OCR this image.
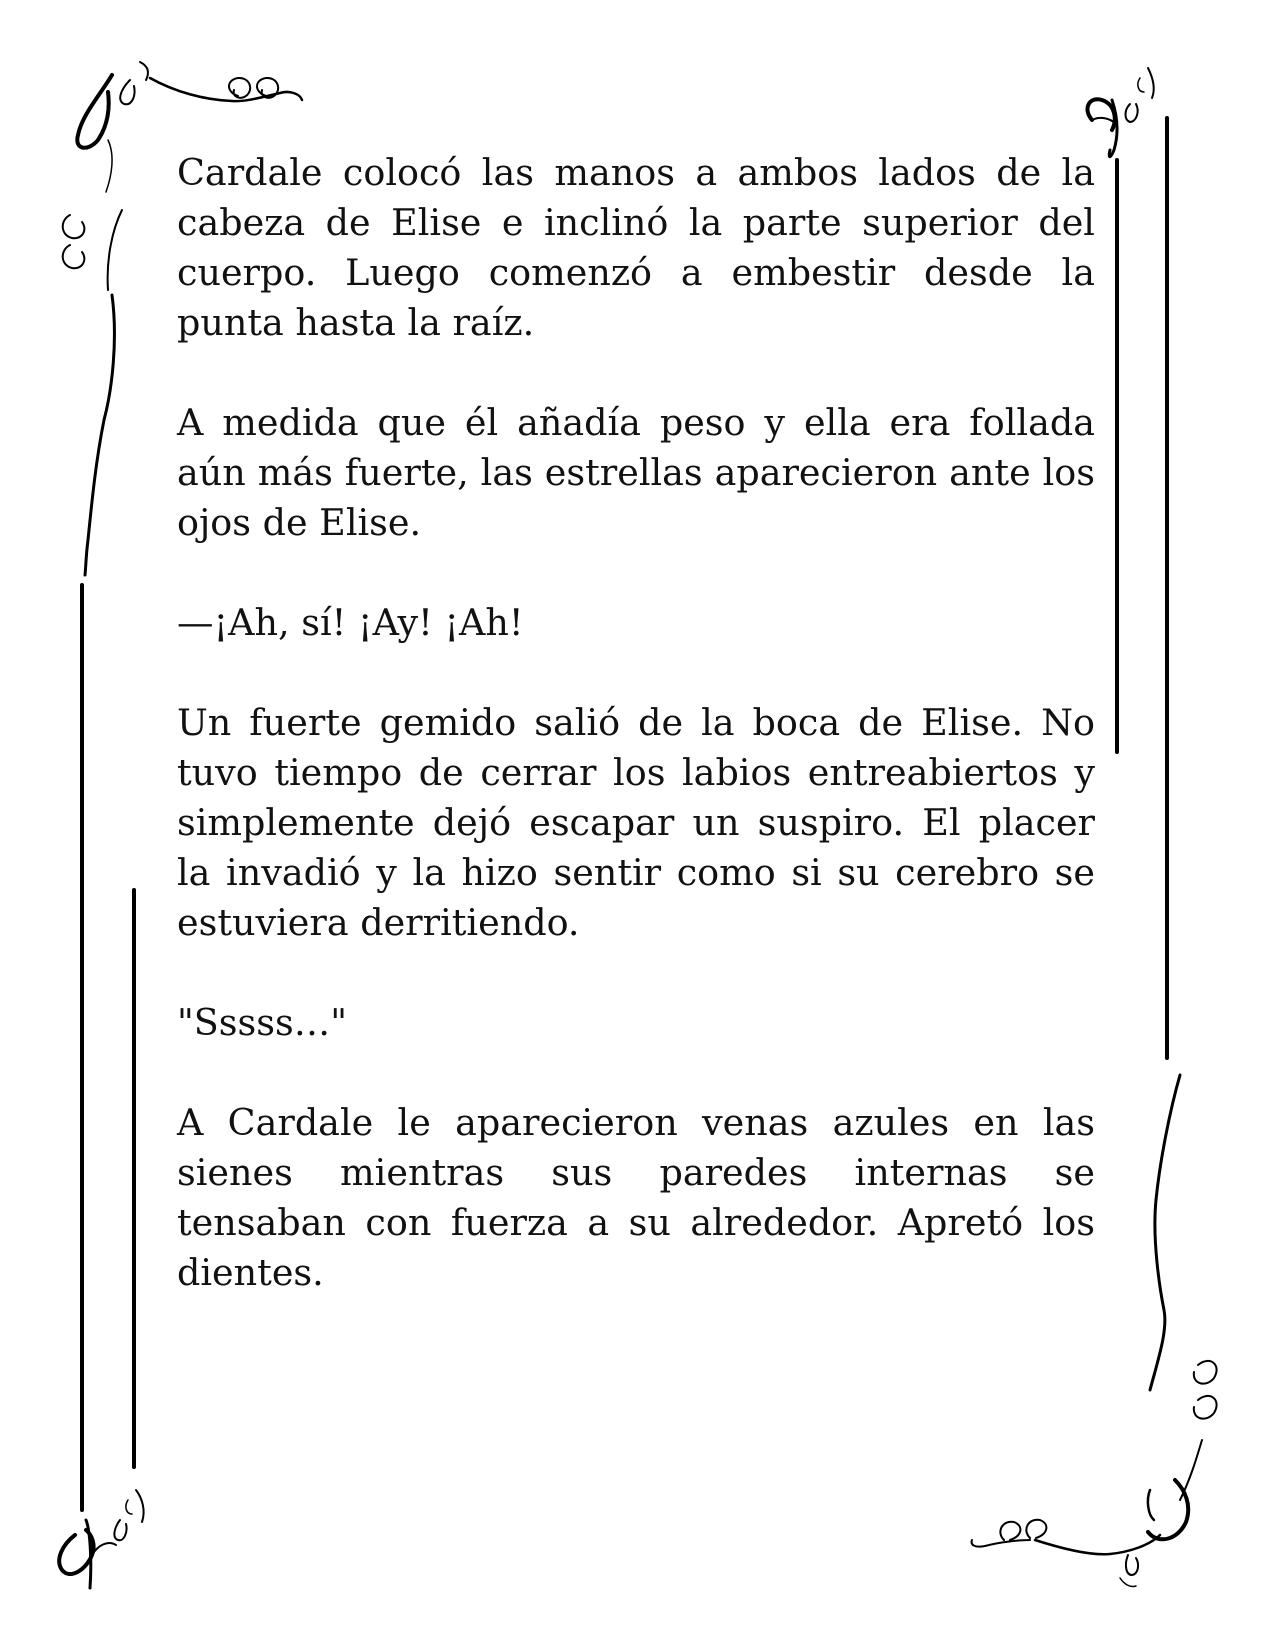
Cardale colocó las manos a ambos lados de la cabeza de Elise e inclinó la parte superior del cuerpo. Luego comenzó a embestir desde la punta hasta la raíz.

A medida que él añadía peso y ella era follada aún más fuerte, las estrellas aparecieron ante los ojos de Elise.

—¡Ah, sí! ¡Ay! ¡Ah!

Un fuerte gemido salió de la boca de Elise. No tuvo tiempo de cerrar los labios entreabiertos y simplemente dejó escapar un suspiro. El placer la invadió y la hizo sentir como si su cerebro se estuviera derritiendo.

"Sssss…"

A Cardale le aparecieron venas azules en las sienes mientras sus paredes internas se tensaban con fuerza a su alrededor. Apretó los dientes.
